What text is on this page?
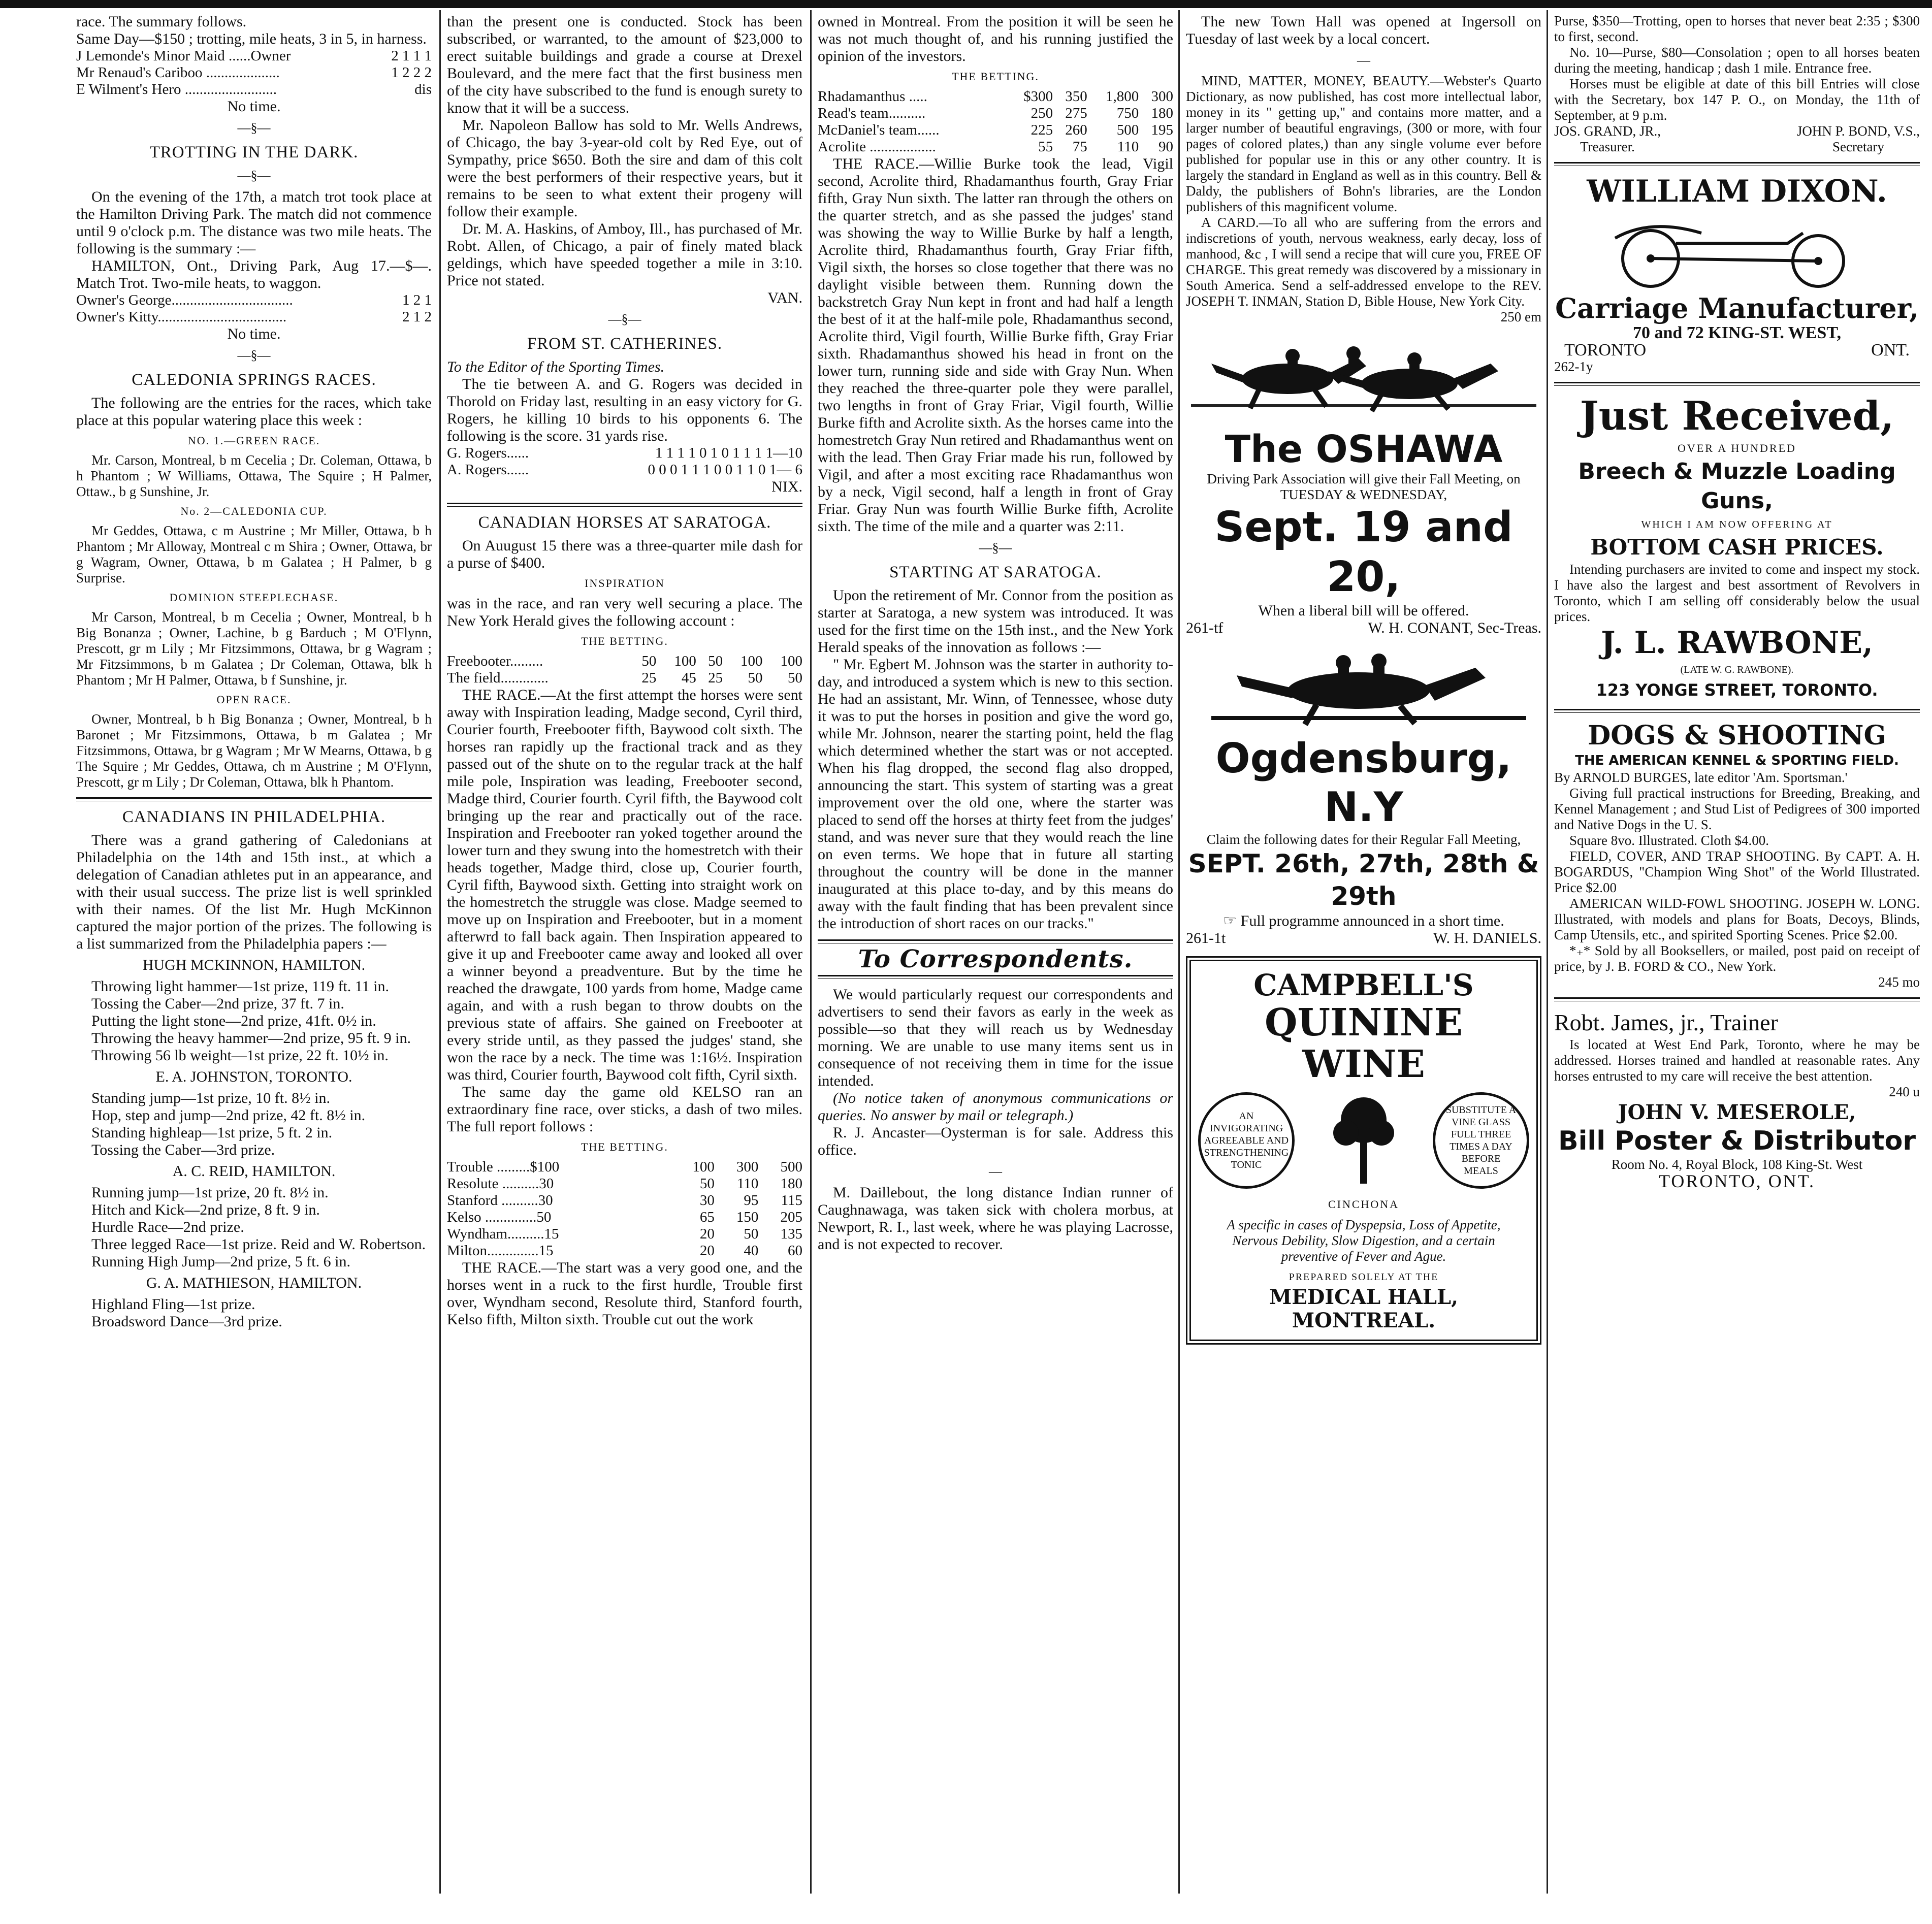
race. The summary follows.

Same Day—$150 ; trotting, mile heats, 3 in 5, in harness.

J Lemonde's Minor Maid ......Owner	2 1 1 1
Mr Renaud's Cariboo ....................	1 2 2 2
E Wilment's Hero .........................	dis

No time.

—§—
TROTTING IN THE DARK.
—§—

On the evening of the 17th, a match trot took place at the Hamilton Driving Park. The match did not commence until 9 o'clock p.m. The distance was two mile heats. The following is the summary :—

HAMILTON, Ont., Driving Park, Aug 17.—$—. Match Trot. Two-mile heats, to waggon.

Owner's George.................................	1 2 1
Owner's Kitty...................................	2 1 2

No time.

—§—
CALEDONIA SPRINGS RACES.

The following are the entries for the races, which take place at this popular watering place this week :

NO. 1.—GREEN RACE.

Mr. Carson, Montreal, b m Cecelia ; Dr. Coleman, Ottawa, b h Phantom ; W Williams, Ottawa, The Squire ; H Palmer, Ottaw., b g Sunshine, Jr.

No. 2—CALEDONIA CUP.

Mr Geddes, Ottawa, c m Austrine ; Mr Miller, Ottawa, b h Phantom ; Mr Alloway, Montreal c m Shira ; Owner, Ottawa, br g Wagram, Owner, Ottawa, b m Galatea ; H Palmer, b g Surprise.

DOMINION STEEPLECHASE.

Mr Carson, Montreal, b m Cecelia ; Owner, Montreal, b h Big Bonanza ; Owner, Lachine, b g Barduch ; M O'Flynn, Prescott, gr m Lily ; Mr Fitzsimmons, Ottawa, br g Wagram ; Mr Fitzsimmons, b m Galatea ; Dr Coleman, Ottawa, blk h Phantom ; Mr H Palmer, Ottawa, b f Sunshine, jr.

OPEN RACE.

Owner, Montreal, b h Big Bonanza ; Owner, Montreal, b h Baronet ; Mr Fitzsimmons, Ottawa, b m Galatea ; Mr Fitzsimmons, Ottawa, br g Wagram ; Mr W Mearns, Ottawa, b g The Squire ; Mr Geddes, Ottawa, ch m Austrine ; M O'Flynn, Prescott, gr m Lily ; Dr Coleman, Ottawa, blk h Phantom.

CANADIANS IN PHILADELPHIA.

There was a grand gathering of Caledonians at Philadelphia on the 14th and 15th inst., at which a delegation of Canadian athletes put in an appearance, and with their usual success. The prize list is well sprinkled with their names. Of the list Mr. Hugh McKinnon captured the major portion of the prizes. The following is a list summarized from the Philadelphia papers :—

HUGH MCKINNON, HAMILTON.

Throwing light hammer—1st prize, 119 ft. 11 in.

Tossing the Caber—2nd prize, 37 ft. 7 in.

Putting the light stone—2nd prize, 41ft. 0½ in.

Throwing the heavy hammer—2nd prize, 95 ft. 9 in.

Throwing 56 lb weight—1st prize, 22 ft. 10½ in.

E. A. JOHNSTON, TORONTO.

Standing jump—1st prize, 10 ft. 8½ in.

Hop, step and jump—2nd prize, 42 ft. 8½ in.

Standing highleap—1st prize, 5 ft. 2 in.

Tossing the Caber—3rd prize.

A. C. REID, HAMILTON.

Running jump—1st prize, 20 ft. 8½ in.

Hitch and Kick—2nd prize, 8 ft. 9 in.

Hurdle Race—2nd prize.

Three legged Race—1st prize. Reid and W. Robertson.

Running High Jump—2nd prize, 5 ft. 6 in.

G. A. MATHIESON, HAMILTON.

Highland Fling—1st prize.

Broadsword Dance—3rd prize.

than the present one is conducted. Stock has been subscribed, or warranted, to the amount of $23,000 to erect suitable buildings and grade a course at Drexel Boulevard, and the mere fact that the first business men of the city have subscribed to the fund is enough surety to know that it will be a success.

Mr. Napoleon Ballow has sold to Mr. Wells Andrews, of Chicago, the bay 3-year-old colt by Red Eye, out of Sympathy, price $650. Both the sire and dam of this colt were the best performers of their respective years, but it remains to be seen to what extent their progeny will follow their example.

Dr. M. A. Haskins, of Amboy, Ill., has purchased of Mr. Robt. Allen, of Chicago, a pair of finely mated black geldings, which have speeded together a mile in 3:10. Price not stated.

VAN.

—§—
FROM ST. CATHERINES.

To the Editor of the Sporting Times.

The tie between A. and G. Rogers was decided in Thorold on Friday last, resulting in an easy victory for G. Rogers, he killing 10 birds to his opponents 6. The following is the score. 31 yards rise.

G. Rogers......	1 1 1 1 0 1 0 1 1 1 1—10
A. Rogers......	0 0 0 1 1 1 0 0 1 1 0 1— 6

NIX.

CANADIAN HORSES AT SARATOGA.

On Auugust 15 there was a three-quarter mile dash for a purse of $400.

INSPIRATION

was in the race, and ran very well securing a place. The New York Herald gives the following account :

THE BETTING.
Freebooter.........	50	100	50	100	100
The field.............	25	45	25	50	50

THE RACE.—At the first attempt the horses were sent away with Inspiration leading, Madge second, Cyril third, Courier fourth, Freebooter fifth, Baywood colt sixth. The horses ran rapidly up the fractional track and as they passed out of the shute on to the regular track at the half mile pole, Inspiration was leading, Freebooter second, Madge third, Courier fourth. Cyril fifth, the Baywood colt bringing up the rear and practically out of the race. Inspiration and Freebooter ran yoked together around the lower turn and they swung into the homestretch with their heads together, Madge third, close up, Courier fourth, Cyril fifth, Baywood sixth. Getting into straight work on the homestretch the struggle was close. Madge seemed to move up on Inspiration and Freebooter, but in a moment afterwrd to fall back again. Then Inspiration appeared to give it up and Freebooter came away and looked all over a winner beyond a preadventure. But by the time he reached the drawgate, 100 yards from home, Madge came again, and with a rush began to throw doubts on the previous state of affairs. She gained on Freebooter at every stride until, as they passed the judges' stand, she won the race by a neck. The time was 1:16½. Inspiration was third, Courier fourth, Baywood colt fifth, Cyril sixth.

The same day the game old KELSO ran an extraordinary fine race, over sticks, a dash of two miles. The full report follows :

THE BETTING.
Trouble .........$100	100	300	500
Resolute ..........30	50	110	180
Stanford ..........30	30	95	115
Kelso ..............50	65	150	205
Wyndham..........15	20	50	135
Milton..............15	20	40	60

THE RACE.—The start was a very good one, and the horses went in a ruck to the first hurdle, Trouble first over, Wyndham second, Resolute third, Stanford fourth, Kelso fifth, Milton sixth. Trouble cut out the work

owned in Montreal. From the position it will be seen he was not much thought of, and his running justified the opinion of the investors.

THE BETTING.
Rhadamanthus .....	$300	350	1,800	300
Read's team..........	250	275	750	180
McDaniel's team......	225	260	500	195
Acrolite ..................	55	75	110	90

THE RACE.—Willie Burke took the lead, Vigil second, Acrolite third, Rhadamanthus fourth, Gray Friar fifth, Gray Nun sixth. The latter ran through the others on the quarter stretch, and as she passed the judges' stand was showing the way to Willie Burke by half a length, Acrolite third, Rhadamanthus fourth, Gray Friar fifth, Vigil sixth, the horses so close together that there was no daylight visible between them. Running down the backstretch Gray Nun kept in front and had half a length the best of it at the half-mile pole, Rhadamanthus second, Acrolite third, Vigil fourth, Willie Burke fifth, Gray Friar sixth. Rhadamanthus showed his head in front on the lower turn, running side and side with Gray Nun. When they reached the three-quarter pole they were parallel, two lengths in front of Gray Friar, Vigil fourth, Willie Burke fifth and Acrolite sixth. As the horses came into the homestretch Gray Nun retired and Rhadamanthus went on with the lead. Then Gray Friar made his run, followed by Vigil, and after a most exciting race Rhadamanthus won by a neck, Vigil second, half a length in front of Gray Friar. Gray Nun was fourth Willie Burke fifth, Acrolite sixth. The time of the mile and a quarter was 2:11.

—§—
STARTING AT SARATOGA.

Upon the retirement of Mr. Connor from the position as starter at Saratoga, a new system was introduced. It was used for the first time on the 15th inst., and the New York Herald speaks of the innovation as follows :—

" Mr. Egbert M. Johnson was the starter in authority to-day, and introduced a system which is new to this section. He had an assistant, Mr. Winn, of Tennessee, whose duty it was to put the horses in position and give the word go, while Mr. Johnson, nearer the starting point, held the flag which determined whether the start was or not accepted. When his flag dropped, the second flag also dropped, announcing the start. This system of starting was a great improvement over the old one, where the starter was placed to send off the horses at thirty feet from the judges' stand, and was never sure that they would reach the line on even terms. We hope that in future all starting throughout the country will be done in the manner inaugurated at this place to-day, and by this means do away with the fault finding that has been prevalent since the introduction of short races on our tracks."

To Correspondents.

We would particularly request our correspondents and advertisers to send their favors as early in the week as possible—so that they will reach us by Wednesday morning. We are unable to use many items sent us in consequence of not receiving them in time for the issue intended.

(No notice taken of anonymous communications or queries. No answer by mail or telegraph.)

R. J. Ancaster—Oysterman is for sale. Address this office.

—

M. Daillebout, the long distance Indian runner of Caughnawaga, was taken sick with cholera morbus, at Newport, R. I., last week, where he was playing Lacrosse, and is not expected to recover.

The new Town Hall was opened at Ingersoll on Tuesday of last week by a local concert.

—

MIND, MATTER, MONEY, BEAUTY.—Webster's Quarto Dictionary, as now published, has cost more intellectual labor, money in its " getting up," and contains more matter, and a larger number of beautiful engravings, (300 or more, with four pages of colored plates,) than any single volume ever before published for popular use in this or any other country. It is largely the standard in England as well as in this country. Bell & Daldy, the publishers of Bohn's libraries, are the London publishers of this magnificent volume.

A CARD.—To all who are suffering from the errors and indiscretions of youth, nervous weakness, early decay, loss of manhood, &c , I will send a recipe that will cure you, FREE OF CHARGE. This great remedy was discovered by a missionary in South America. Send a self-addressed envelope to the REV. JOSEPH T. INMAN, Station D, Bible House, New York City.

250 em

The OSHAWA

Driving Park Association will give their Fall Meeting, on TUESDAY & WEDNESDAY,

Sept. 19 and 20,

When a liberal bill will be offered.

261-tf	W. H. CONANT, Sec-Treas.
Ogdensburg, N.Y

Claim the following dates for their Regular Fall Meeting,

SEPT. 26th, 27th, 28th & 29th

☞ Full programme announced in a short time.

261-1t	W. H. DANIELS.
CAMPBELL'S
QUININE WINE
AN INVIGORATING AGREEABLE AND STRENGTHENING TONIC
SUBSTITUTE A VINE GLASS FULL THREE TIMES A DAY BEFORE MEALS
CINCHONA

A specific in cases of Dyspepsia, Loss of Appetite, Nervous Debility, Slow Digestion, and a certain preventive of Fever and Ague.

PREPARED SOLELY AT THE
MEDICAL HALL,
MONTREAL.

Purse, $350—Trotting, open to horses that never beat 2:35 ; $300 to first, second.

No. 10—Purse, $80—Consolation ; open to all horses beaten during the meeting, handicap ; dash 1 mile. Entrance free.

Horses must be eligible at date of this bill Entries will close with the Secretary, box 147 P. O., on Monday, the 11th of September, at 9 p.m.

JOS. GRAND, JR.,
Treasurer.
JOHN P. BOND, V.S.,
Secretary
WILLIAM DIXON.
Carriage Manufacturer,
70 and 72 KING-ST. WEST,
TORONTO	ONT.

262-1y

Just Received,
OVER A HUNDRED
Breech & Muzzle Loading Guns,
WHICH I AM NOW OFFERING AT
BOTTOM CASH PRICES.

Intending purchasers are invited to come and inspect my stock. I have also the largest and best assortment of Revolvers in Toronto, which I am selling off considerably below the usual prices.

J. L. RAWBONE,
(LATE W. G. RAWBONE).
123 YONGE STREET, TORONTO.
DOGS & SHOOTING
THE AMERICAN KENNEL & SPORTING FIELD.

By ARNOLD BURGES, late editor 'Am. Sportsman.'

Giving full practical instructions for Breeding, Breaking, and Kennel Management ; and Stud List of Pedigrees of 300 imported and Native Dogs in the U. S.

Square 8vo. Illustrated. Cloth $4.00.

FIELD, COVER, AND TRAP SHOOTING. By CAPT. A. H. BOGARDUS, "Champion Wing Shot" of the World Illustrated. Price $2.00

AMERICAN WILD-FOWL SHOOTING. JOSEPH W. LONG. Illustrated, with models and plans for Boats, Decoys, Blinds, Camp Utensils, etc., and spirited Sporting Scenes. Price $2.00.

*₊* Sold by all Booksellers, or mailed, post paid on receipt of price, by J. B. FORD & CO., New York.

245 mo

Robt. James, jr., Trainer

Is located at West End Park, Toronto, where he may be addressed. Horses trained and handled at reasonable rates. Any horses entrusted to my care will receive the best attention.

240 u

JOHN V. MESEROLE,
Bill Poster & Distributor

Room No. 4, Royal Block, 108 King-St. West

TORONTO, ONT.
